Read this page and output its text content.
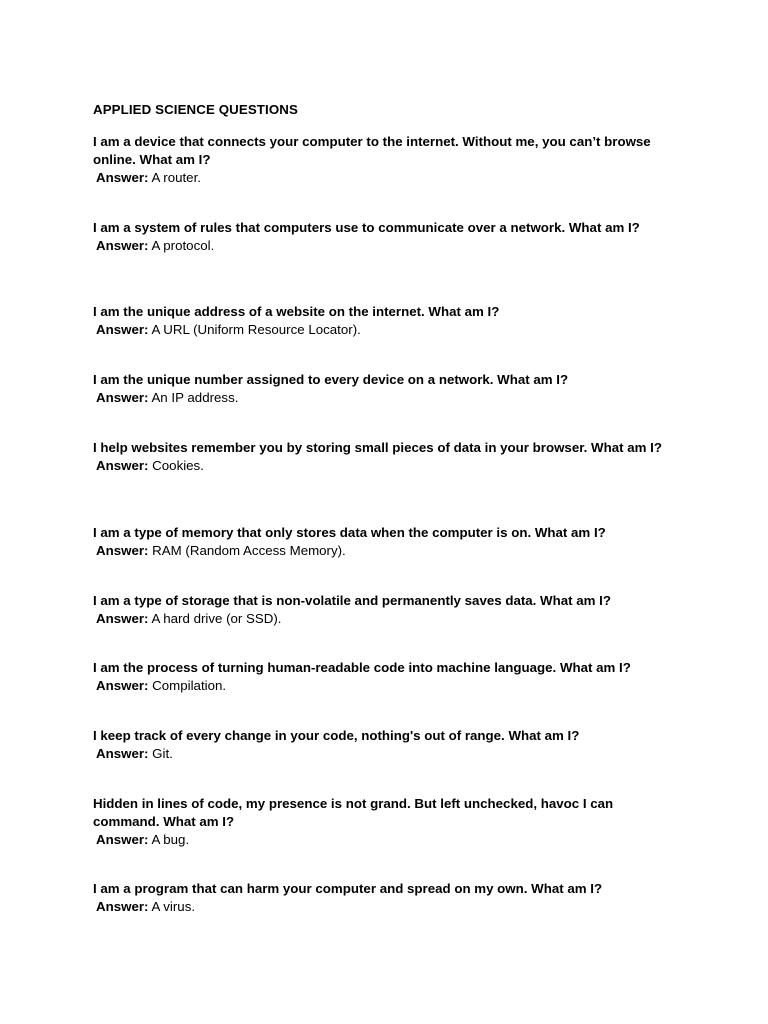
APPLIED SCIENCE QUESTIONS

I am a device that connects your computer to the internet. Without me, you can’t browse online. What am I?

Answer: A router.

I am a system of rules that computers use to communicate over a network. What am I?

Answer: A protocol.

I am the unique address of a website on the internet. What am I?

Answer: A URL (Uniform Resource Locator).

I am the unique number assigned to every device on a network. What am I?

Answer: An IP address.

I help websites remember you by storing small pieces of data in your browser. What am I?

Answer: Cookies.

I am a type of memory that only stores data when the computer is on. What am I?

Answer: RAM (Random Access Memory).

I am a type of storage that is non-volatile and permanently saves data. What am I?

Answer: A hard drive (or SSD).

I am the process of turning human-readable code into machine language. What am I?

Answer: Compilation.

I keep track of every change in your code, nothing's out of range. What am I?

Answer: Git.

Hidden in lines of code, my presence is not grand. But left unchecked, havoc I can command. What am I?

Answer: A bug.

I am a program that can harm your computer and spread on my own. What am I?

Answer: A virus.
